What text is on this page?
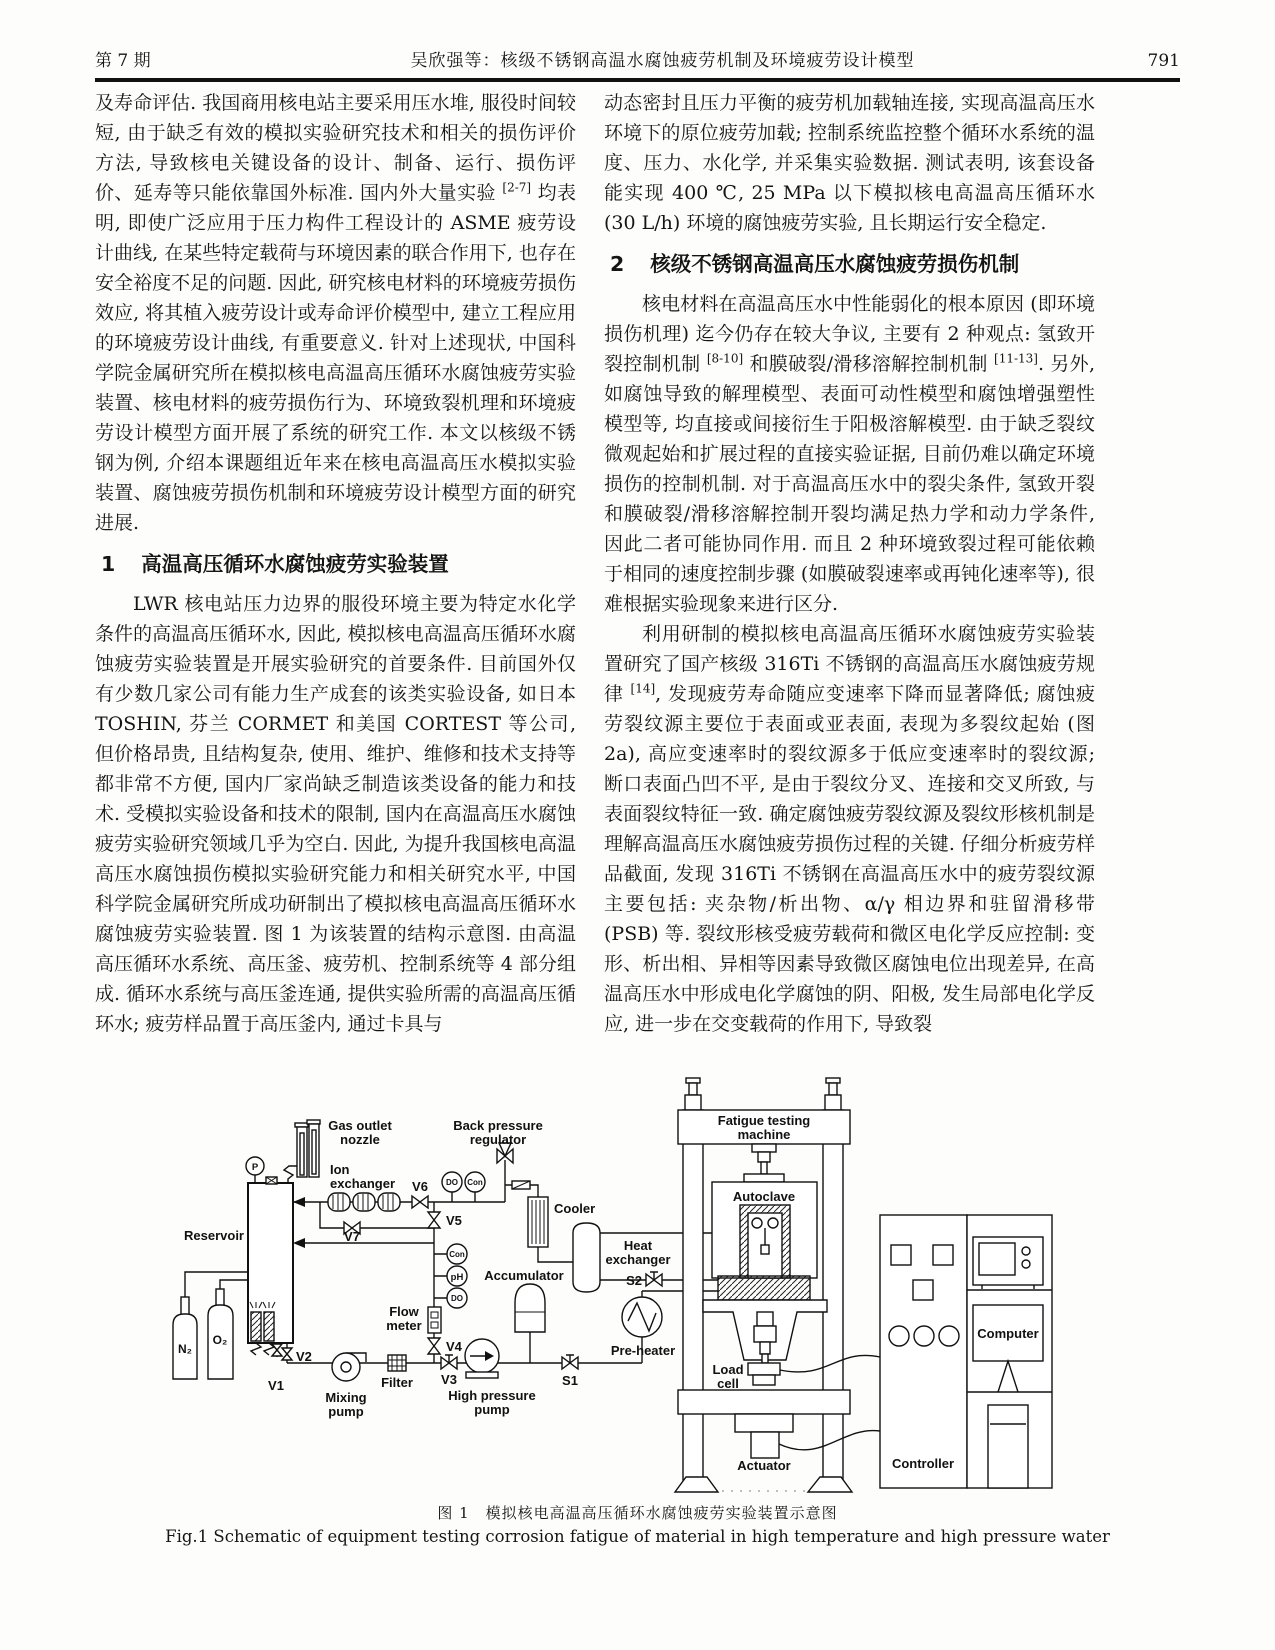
第 7 期	吴欣强等：核级不锈钢高温水腐蚀疲劳机制及环境疲劳设计模型	791

及寿命评估. 我国商用核电站主要采用压水堆, 服役时间较短, 由于缺乏有效的模拟实验研究技术和相关的损伤评价方法, 导致核电关键设备的设计、制备、运行、损伤评价、延寿等只能依靠国外标准. 国内外大量实验 [2-7] 均表明, 即使广泛应用于压力构件工程设计的 ASME 疲劳设计曲线, 在某些特定载荷与环境因素的联合作用下, 也存在安全裕度不足的问题. 因此, 研究核电材料的环境疲劳损伤效应, 将其植入疲劳设计或寿命评价模型中, 建立工程应用的环境疲劳设计曲线, 有重要意义. 针对上述现状, 中国科学院金属研究所在模拟核电高温高压循环水腐蚀疲劳实验装置、核电材料的疲劳损伤行为、环境致裂机理和环境疲劳设计模型方面开展了系统的研究工作. 本文以核级不锈钢为例, 介绍本课题组近年来在核电高温高压水模拟实验装置、腐蚀疲劳损伤机制和环境疲劳设计模型方面的研究进展.

1 高温高压循环水腐蚀疲劳实验装置

LWR 核电站压力边界的服役环境主要为特定水化学条件的高温高压循环水, 因此, 模拟核电高温高压循环水腐蚀疲劳实验装置是开展实验研究的首要条件. 目前国外仅有少数几家公司有能力生产成套的该类实验设备, 如日本 TOSHIN, 芬兰 CORMET 和美国 CORTEST 等公司, 但价格昂贵, 且结构复杂, 使用、维护、维修和技术支持等都非常不方便, 国内厂家尚缺乏制造该类设备的能力和技术. 受模拟实验设备和技术的限制, 国内在高温高压水腐蚀疲劳实验研究领域几乎为空白. 因此, 为提升我国核电高温高压水腐蚀损伤模拟实验研究能力和相关研究水平, 中国科学院金属研究所成功研制出了模拟核电高温高压循环水腐蚀疲劳实验装置. 图 1 为该装置的结构示意图. 由高温高压循环水系统、高压釜、疲劳机、控制系统等 4 部分组成. 循环水系统与高压釜连通, 提供实验所需的高温高压循环水; 疲劳样品置于高压釜内, 通过卡具与

动态密封且压力平衡的疲劳机加载轴连接, 实现高温高压水环境下的原位疲劳加载; 控制系统监控整个循环水系统的温度、压力、水化学, 并采集实验数据. 测试表明, 该套设备能实现 400 ℃, 25 MPa 以下模拟核电高温高压循环水 (30 L/h) 环境的腐蚀疲劳实验, 且长期运行安全稳定.

2 核级不锈钢高温高压水腐蚀疲劳损伤机制

核电材料在高温高压水中性能弱化的根本原因 (即环境损伤机理) 迄今仍存在较大争议, 主要有 2 种观点: 氢致开裂控制机制 [8-10] 和膜破裂/滑移溶解控制机制 [11-13]. 另外, 如腐蚀导致的解理模型、表面可动性模型和腐蚀增强塑性模型等, 均直接或间接衍生于阳极溶解模型. 由于缺乏裂纹微观起始和扩展过程的直接实验证据, 目前仍难以确定环境损伤的控制机制. 对于高温高压水中的裂尖条件, 氢致开裂和膜破裂/滑移溶解控制开裂均满足热力学和动力学条件, 因此二者可能协同作用. 而且 2 种环境致裂过程可能依赖于相同的速度控制步骤 (如膜破裂速率或再钝化速率等), 很难根据实验现象来进行区分.

利用研制的模拟核电高温高压循环水腐蚀疲劳实验装置研究了国产核级 316Ti 不锈钢的高温高压水腐蚀疲劳规律 [14], 发现疲劳寿命随应变速率下降而显著降低; 腐蚀疲劳裂纹源主要位于表面或亚表面, 表现为多裂纹起始 (图 2a), 高应变速率时的裂纹源多于低应变速率时的裂纹源; 断口表面凸凹不平, 是由于裂纹分叉、连接和交叉所致, 与表面裂纹特征一致. 确定腐蚀疲劳裂纹源及裂纹形核机制是理解高温高压水腐蚀疲劳损伤过程的关键. 仔细分析疲劳样品截面, 发现 316Ti 不锈钢在高温高压水中的疲劳裂纹源主要包括: 夹杂物/析出物、α/γ 相边界和驻留滑移带 (PSB) 等. 裂纹形核受疲劳载荷和微区电化学反应控制: 变形、析出相、异相等因素导致微区腐蚀电位出现差异, 在高温高压水中形成电化学腐蚀的阴、阳极, 发生局部电化学反应, 进一步在交变载荷的作用下, 导致裂

Gas outlet
nozzle
Back pressure
regulator
Ion
exchanger V6
V5
V7
Reservoir
N₂
O₂
V1
V2
Mixing
pump
Filter
Flow
meter
V4
V3
High pressure
pump
Accumulator
Cooler
Heat
exchanger
S2
Pre-heater
S1
Fatigue testing
machine
Autoclave
Load
cell
Actuator	Controller
Computer
P
DO Con
Con
pH
DO
图 1　模拟核电高温高压循环水腐蚀疲劳实验装置示意图
Fig.1 Schematic of equipment testing corrosion fatigue of material in high temperature and high pressure water
